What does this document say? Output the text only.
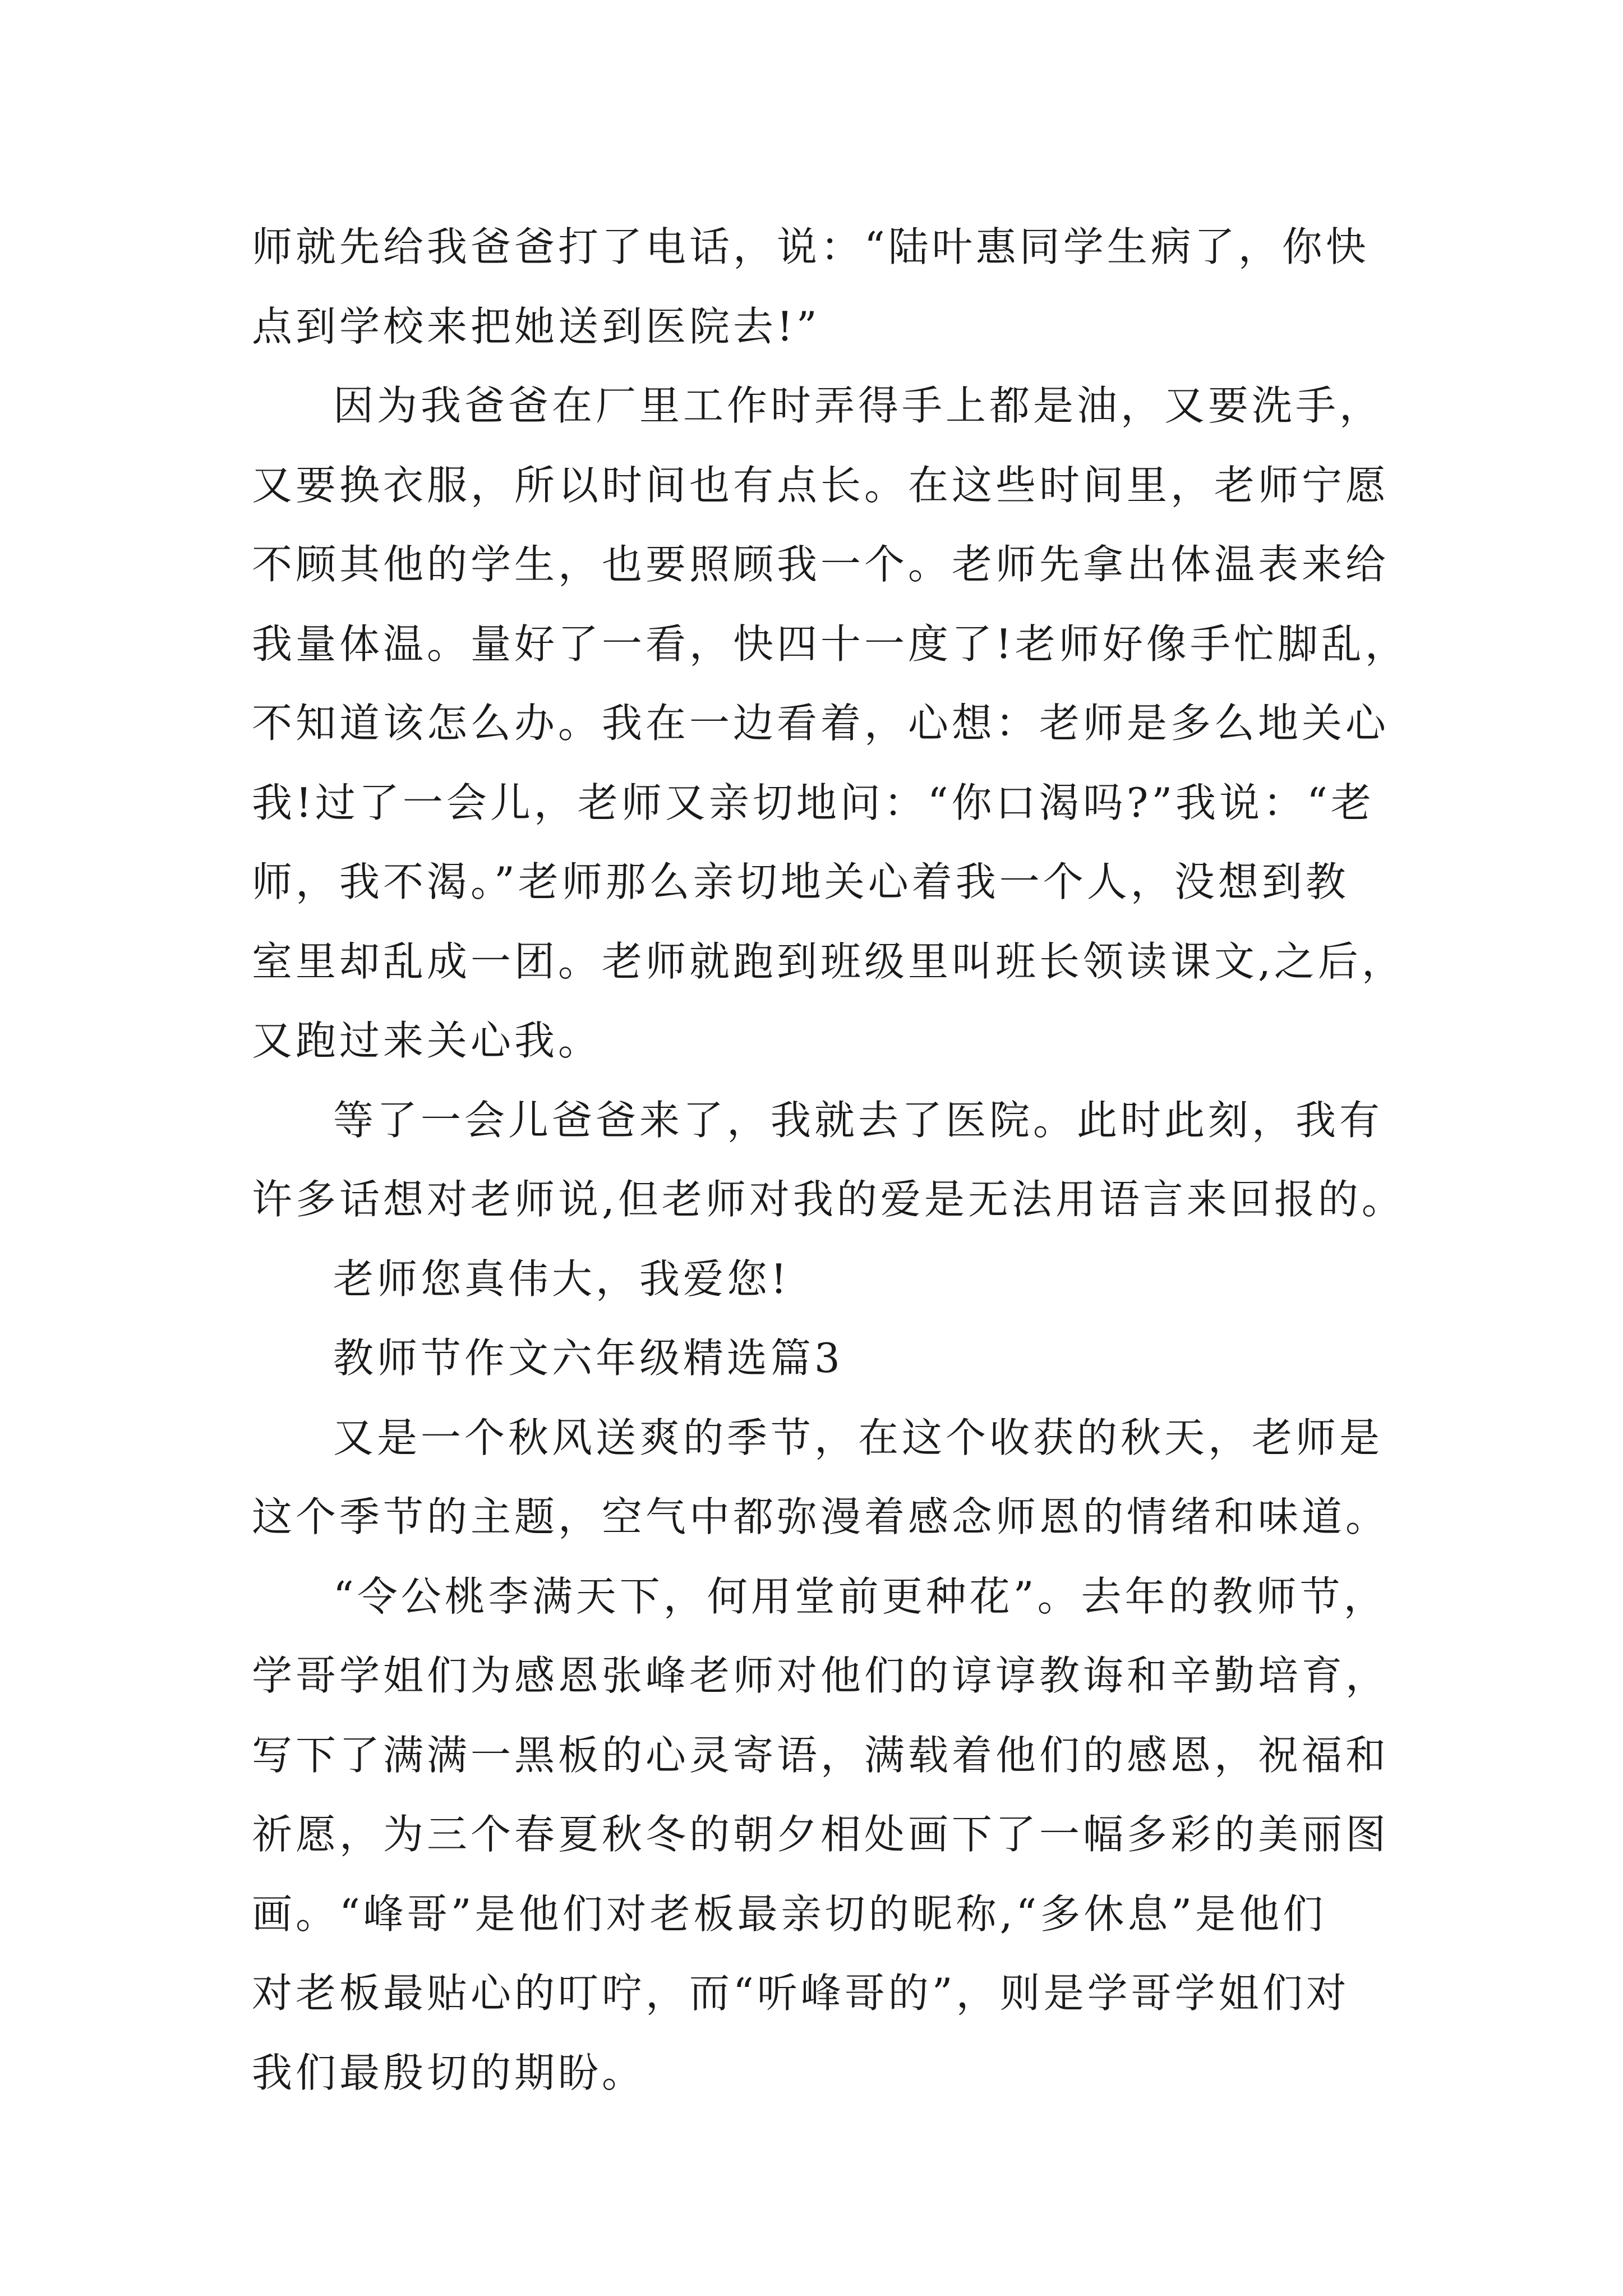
师就先给我爸爸打了电话，说：“陆叶惠同学生病了，你快
点到学校来把她送到医院去!”
因为我爸爸在厂里工作时弄得手上都是油，又要洗手，
又要换衣服，所以时间也有点长。在这些时间里，老师宁愿
不顾其他的学生，也要照顾我一个。老师先拿出体温表来给
我量体温。量好了一看，快四十一度了!老师好像手忙脚乱，
不知道该怎么办。我在一边看着，心想：老师是多么地关心
我!过了一会儿，老师又亲切地问：“你口渴吗?”我说：“老
师，我不渴。”老师那么亲切地关心着我一个人，没想到教
室里却乱成一团。老师就跑到班级里叫班长领读课文,之后，
又跑过来关心我。
等了一会儿爸爸来了，我就去了医院。此时此刻，我有
许多话想对老师说,但老师对我的爱是无法用语言来回报的。
老师您真伟大，我爱您!
教师节作文六年级精选篇3
又是一个秋风送爽的季节，在这个收获的秋天，老师是
这个季节的主题，空气中都弥漫着感念师恩的情绪和味道。
“令公桃李满天下，何用堂前更种花”。去年的教师节，
学哥学姐们为感恩张峰老师对他们的谆谆教诲和辛勤培育，
写下了满满一黑板的心灵寄语，满载着他们的感恩，祝福和
祈愿，为三个春夏秋冬的朝夕相处画下了一幅多彩的美丽图
画。“峰哥”是他们对老板最亲切的昵称,“多休息”是他们
对老板最贴心的叮咛，而“听峰哥的”，则是学哥学姐们对
我们最殷切的期盼。
